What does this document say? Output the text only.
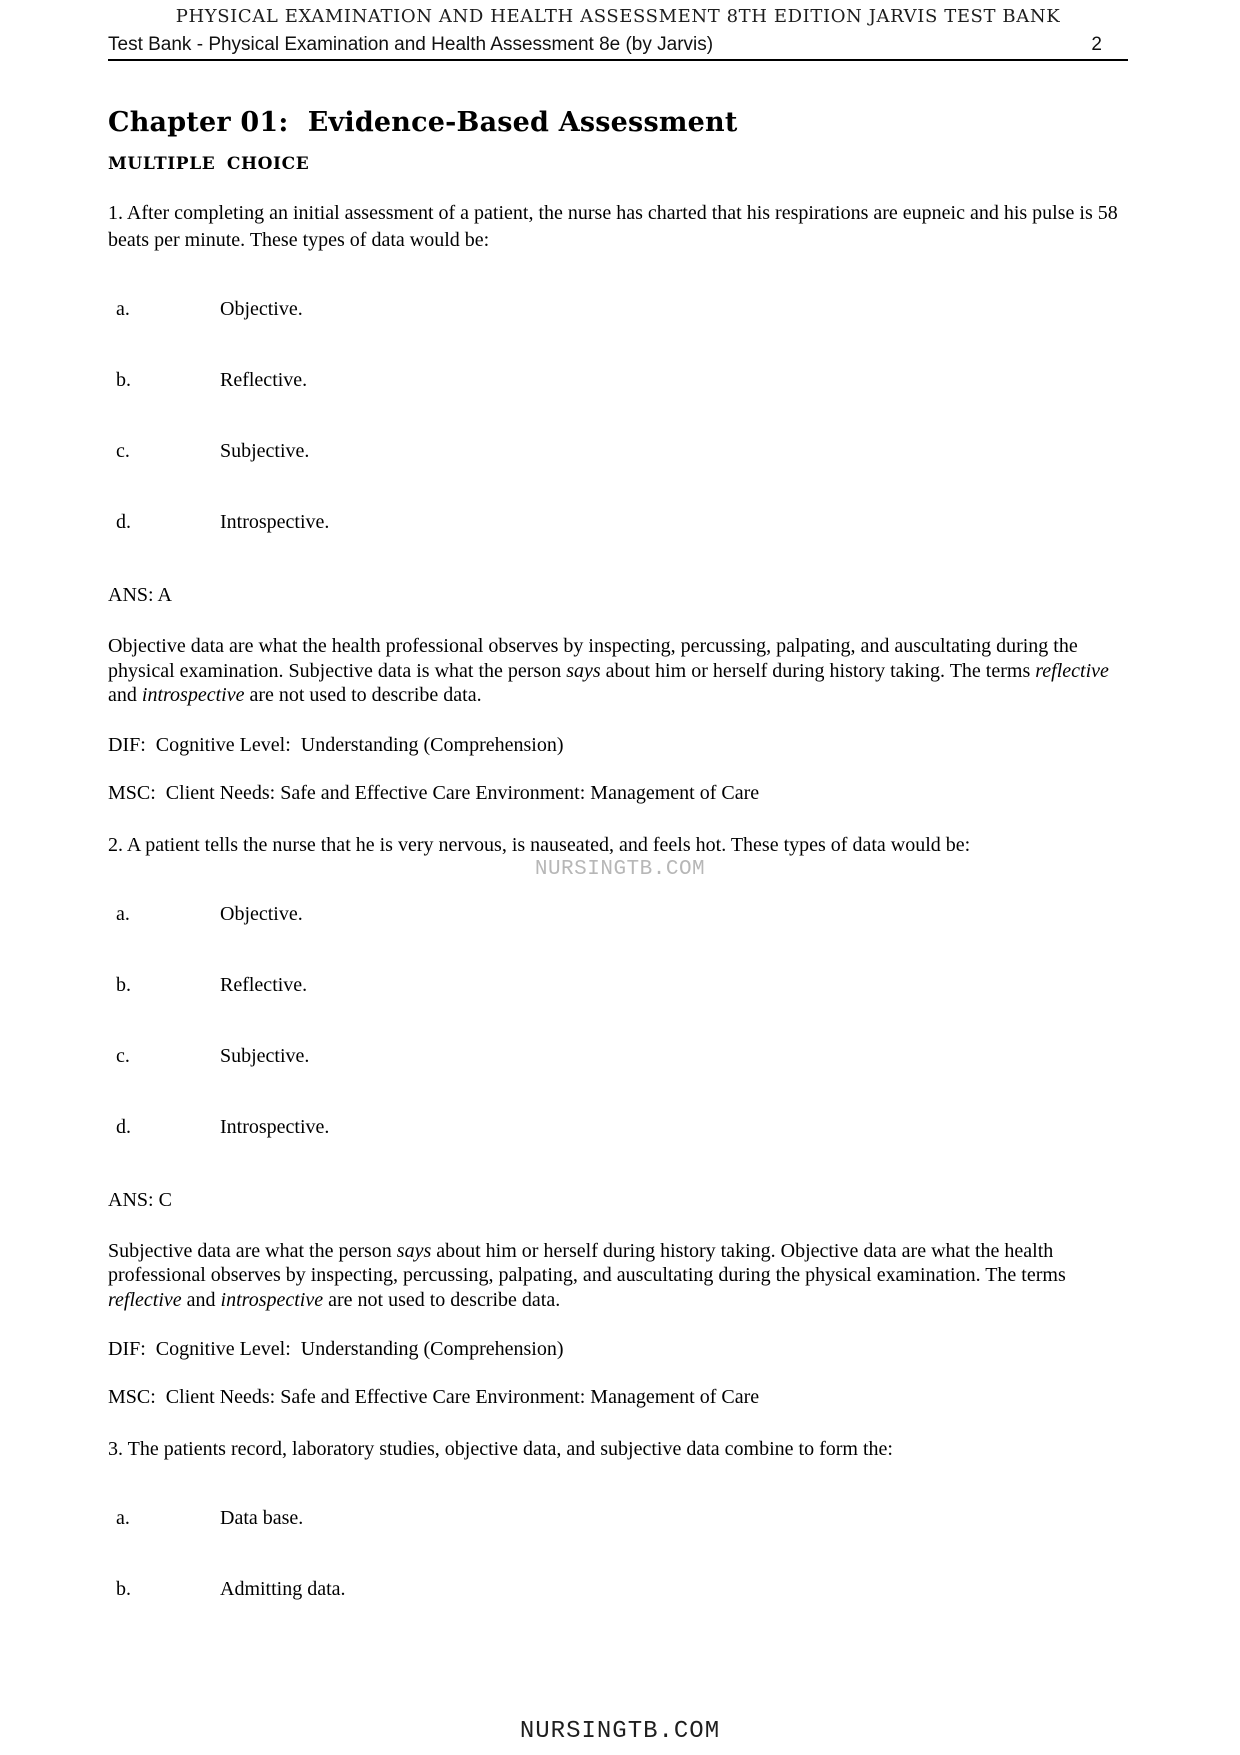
PHYSICAL EXAMINATION AND HEALTH ASSESSMENT 8TH EDITION JARVIS TEST BANK
Test Bank - Physical Examination and Health Assessment 8e (by Jarvis)	2
Chapter 01:  Evidence-Based Assessment
MULTIPLE CHOICE

1. After completing an initial assessment of a patient, the nurse has charted that his respirations are eupneic and his pulse is 58 beats per minute. These types of data would be:

a.	Objective.
b.	Reflective.
c.	Subjective.
d.	Introspective.

ANS: A

Objective data are what the health professional observes by inspecting, percussing, palpating, and auscultating during the physical examination. Subjective data is what the person says about him or herself during history taking. The terms reflective and introspective are not used to describe data.

DIF:  Cognitive Level:  Understanding (Comprehension)

MSC:  Client Needs: Safe and Effective Care Environment: Management of Care

2. A patient tells the nurse that he is very nervous, is nauseated, and feels hot. These types of data would be:

a.	Objective.
b.	Reflective.
c.	Subjective.
d.	Introspective.

ANS: C

Subjective data are what the person says about him or herself during history taking. Objective data are what the health professional observes by inspecting, percussing, palpating, and auscultating during the physical examination. The terms reflective and introspective are not used to describe data.

DIF:  Cognitive Level:  Understanding (Comprehension)

MSC:  Client Needs: Safe and Effective Care Environment: Management of Care

3. The patients record, laboratory studies, objective data, and subjective data combine to form the:

a.	Data base.
b.	Admitting data.
NURSINGTB.COM
NURSINGTB.COM
